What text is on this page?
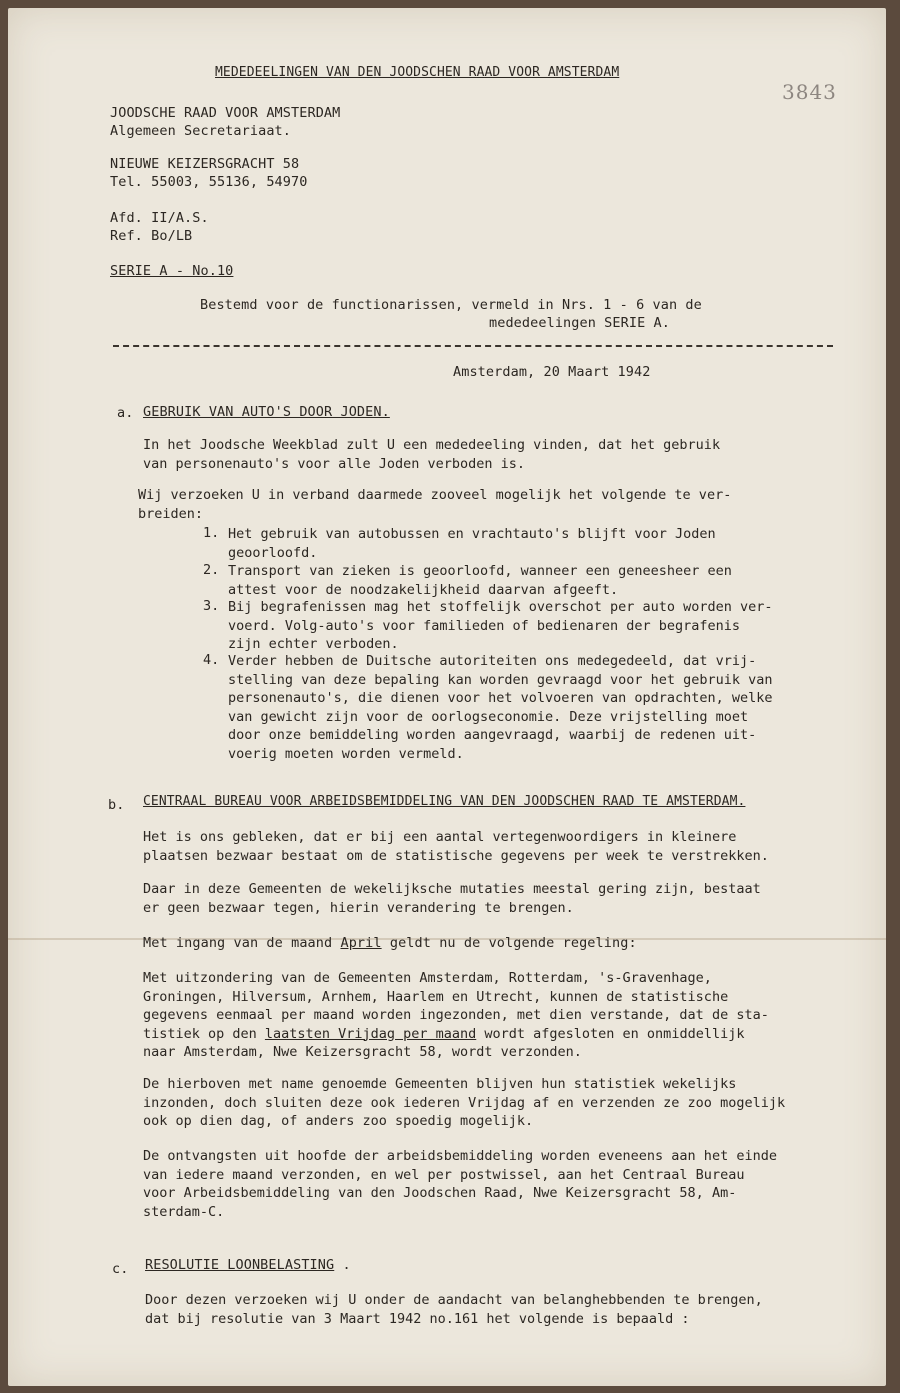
MEDEDEELINGEN VAN DEN JOODSCHEN RAAD VOOR AMSTERDAM
3843
JOODSCHE RAAD VOOR AMSTERDAM
Algemeen Secretariaat.
NIEUWE KEIZERSGRACHT 58
Tel. 55003, 55136, 54970
Afd. II/A.S.
Ref. Bo/LB
SERIE A - No.10
Bestemd voor de functionarissen, vermeld in Nrs. 1 - 6 van de
mededeelingen SERIE A.
Amsterdam, 20 Maart 1942
a. GEBRUIK VAN AUTO'S DOOR JODEN.

In het Joodsche Weekblad zult U een mededeeling vinden, dat het gebruik
van personenauto's voor alle Joden verboden is.

Wij verzoeken U in verband daarmede zooveel mogelijk het volgende te ver-
breiden:

1. Het gebruik van autobussen en vrachtauto's blijft voor Joden
geoorloofd.
2. Transport van zieken is geoorloofd, wanneer een geneesheer een
attest voor de noodzakelijkheid daarvan afgeeft.
3. Bij begrafenissen mag het stoffelijk overschot per auto worden ver-
voerd. Volg-auto's voor familieden of bedienaren der begrafenis
zijn echter verboden.
4. Verder hebben de Duitsche autoriteiten ons medegedeeld, dat vrij-
stelling van deze bepaling kan worden gevraagd voor het gebruik van
personenauto's, die dienen voor het volvoeren van opdrachten, welke
van gewicht zijn voor de oorlogseconomie. Deze vrijstelling moet
door onze bemiddeling worden aangevraagd, waarbij de redenen uit-
voerig moeten worden vermeld.
b. CENTRAAL BUREAU VOOR ARBEIDSBEMIDDELING VAN DEN JOODSCHEN RAAD TE AMSTERDAM.

Het is ons gebleken, dat er bij een aantal vertegenwoordigers in kleinere
plaatsen bezwaar bestaat om de statistische gegevens per week te verstrekken.

Daar in deze Gemeenten de wekelijksche mutaties meestal gering zijn, bestaat
er geen bezwaar tegen, hierin verandering te brengen.

Met ingang van de maand April geldt nu de volgende regeling:

Met uitzondering van de Gemeenten Amsterdam, Rotterdam, 's-Gravenhage,
Groningen, Hilversum, Arnhem, Haarlem en Utrecht, kunnen de statistische
gegevens eenmaal per maand worden ingezonden, met dien verstande, dat de sta-

tistiek op den laatsten Vrijdag per maand wordt afgesloten en onmiddellijk

naar Amsterdam, Nwe Keizersgracht 58, wordt verzonden.

De hierboven met name genoemde Gemeenten blijven hun statistiek wekelijks
inzonden, doch sluiten deze ook iederen Vrijdag af en verzenden ze zoo mogelijk
ook op dien dag, of anders zoo spoedig mogelijk.

De ontvangsten uit hoofde der arbeidsbemiddeling worden eveneens aan het einde
van iedere maand verzonden, en wel per postwissel, aan het Centraal Bureau
voor Arbeidsbemiddeling van den Joodschen Raad, Nwe Keizersgracht 58, Am-
sterdam-C.

c. RESOLUTIE LOONBELASTING .

Door dezen verzoeken wij U onder de aandacht van belanghebbenden te brengen,
dat bij resolutie van 3 Maart 1942 no.161 het volgende is bepaald :
